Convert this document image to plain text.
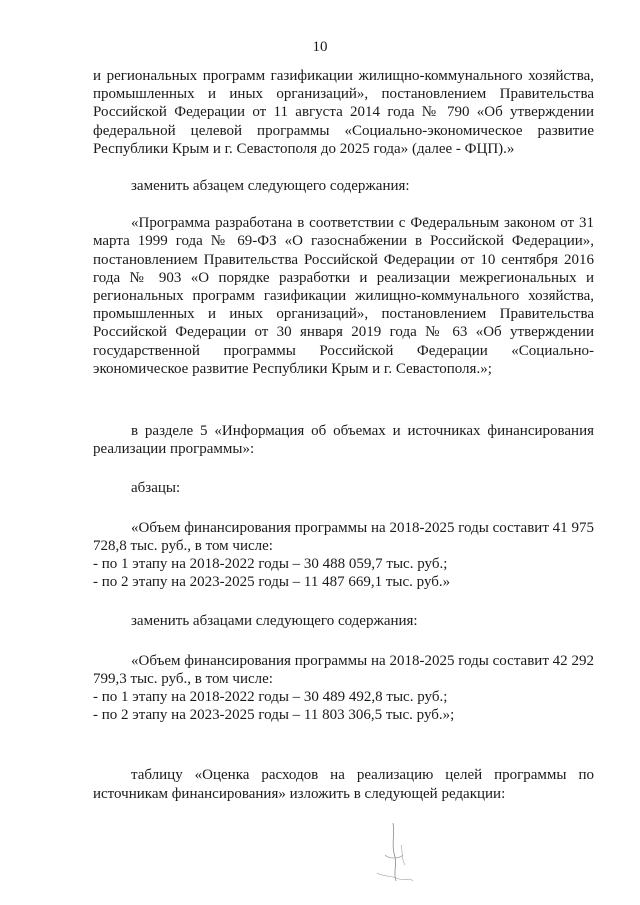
10

и региональных программ газификации жилищно-коммунального хозяйства, промышленных и иных организаций», постановлением Правительства Российской Федерации от 11 августа 2014 года № 790 «Об утверждении федеральной целевой программы «Социально-экономическое развитие Республики Крым и г. Севастополя до 2025 года» (далее - ФЦП).»

заменить абзацем следующего содержания:

«Программа разработана в соответствии с Федеральным законом от 31 марта 1999 года № 69-ФЗ «О газоснабжении в Российской Федерации», постановлением Правительства Российской Федерации от 10 сентября 2016 года № 903 «О порядке разработки и реализации межрегиональных и региональных программ газификации жилищно-коммунального хозяйства, промышленных и иных организаций», постановлением Правительства Российской Федерации от 30 января 2019 года № 63 «Об утверждении государственной программы Российской Федерации «Социально-экономическое развитие Республики Крым и г. Севастополя.»;

в разделе 5 «Информация об объемах и источниках финансирования реализации программы»:

абзацы:

«Объем финансирования программы на 2018-2025 годы составит 41 975 728,8 тыс. руб., в том числе:

- по 1 этапу на 2018-2022 годы – 30 488 059,7 тыс. руб.;

- по 2 этапу на 2023-2025 годы – 11 487 669,1 тыс. руб.»

заменить абзацами следующего содержания:

«Объем финансирования программы на 2018-2025 годы составит 42 292 799,3 тыс. руб., в том числе:

- по 1 этапу на 2018-2022 годы – 30 489 492,8 тыс. руб.;

- по 2 этапу на 2023-2025 годы – 11 803 306,5 тыс. руб.»;

таблицу «Оценка расходов на реализацию целей программы по источникам финансирования» изложить в следующей редакции:
